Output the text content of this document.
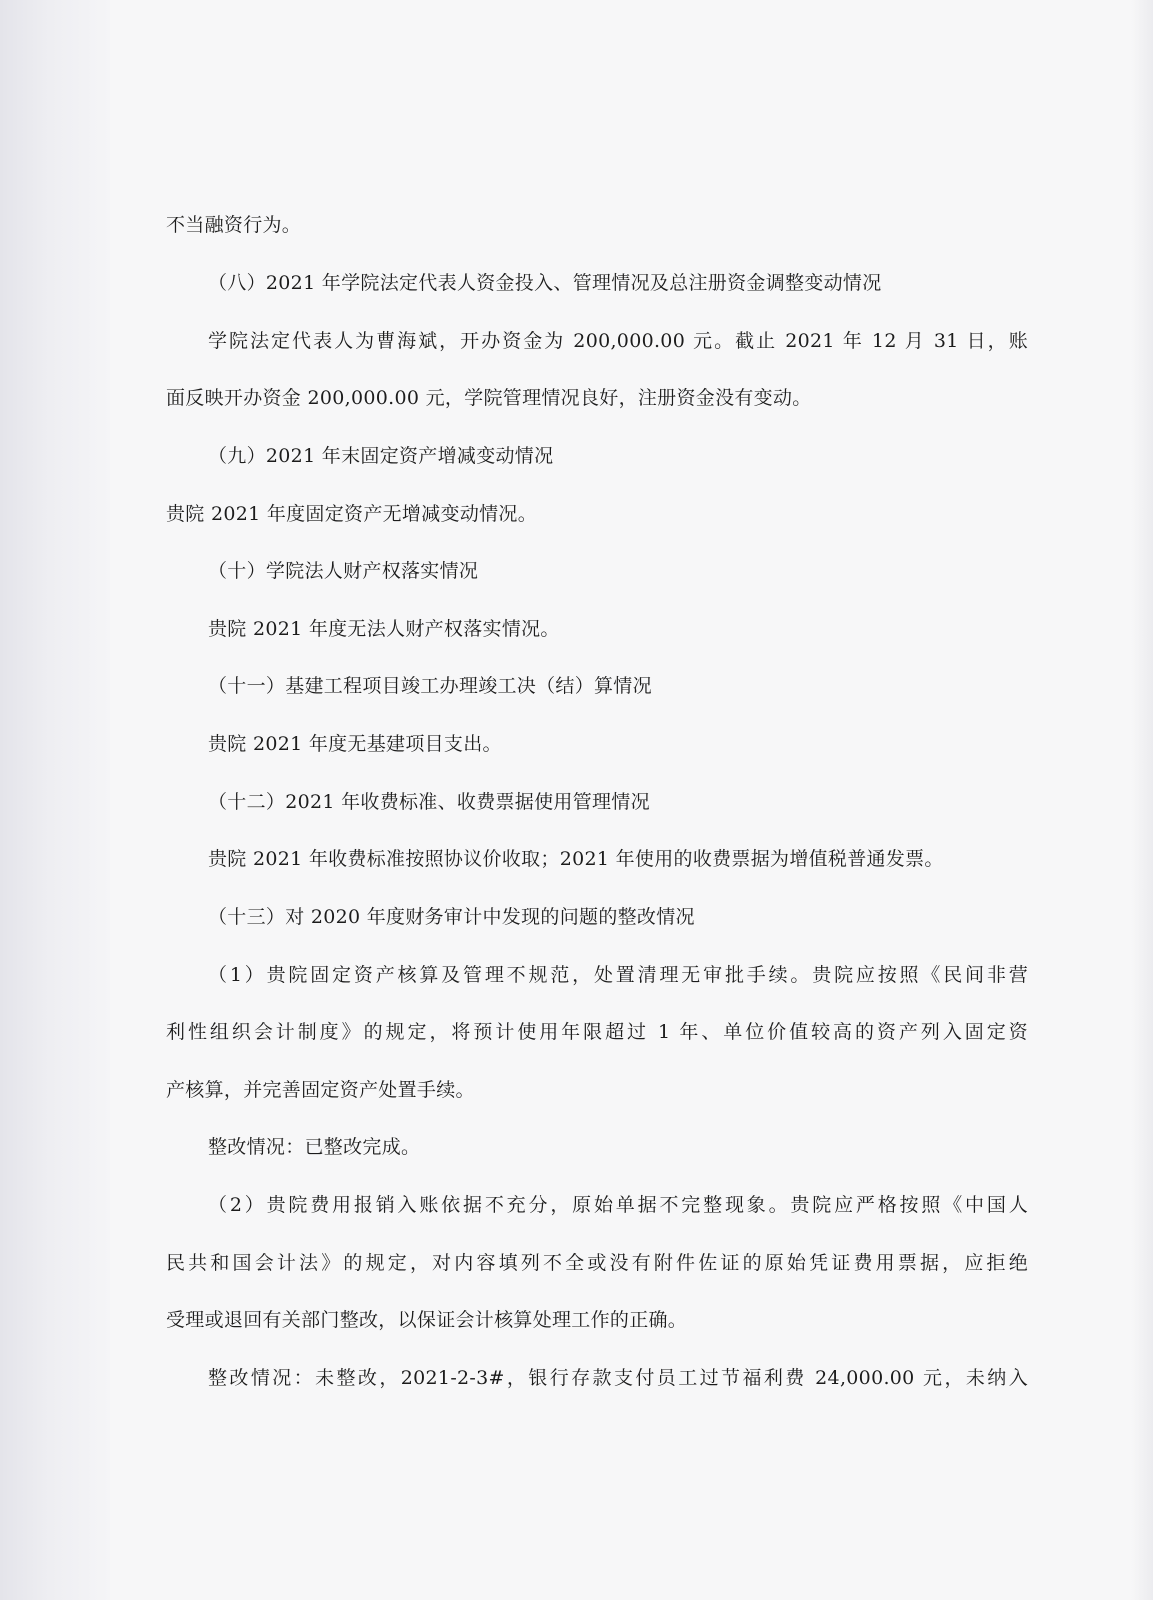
不当融资行为。
（八）2021 年学院法定代表人资金投入、管理情况及总注册资金调整变动情况
学院法定代表人为曹海斌，开办资金为 200,000.00 元。截止 2021 年 12 月 31 日，账
面反映开办资金 200,000.00 元，学院管理情况良好，注册资金没有变动。
（九）2021 年末固定资产增减变动情况
贵院 2021 年度固定资产无增减变动情况。
（十）学院法人财产权落实情况
贵院 2021 年度无法人财产权落实情况。
（十一）基建工程项目竣工办理竣工决（结）算情况
贵院 2021 年度无基建项目支出。
（十二）2021 年收费标准、收费票据使用管理情况
贵院 2021 年收费标准按照协议价收取；2021 年使用的收费票据为增值税普通发票。
（十三）对 2020 年度财务审计中发现的问题的整改情况
（1）贵院固定资产核算及管理不规范，处置清理无审批手续。贵院应按照《民间非营
利性组织会计制度》的规定，将预计使用年限超过 1 年、单位价值较高的资产列入固定资
产核算，并完善固定资产处置手续。
整改情况：已整改完成。
（2）贵院费用报销入账依据不充分，原始单据不完整现象。贵院应严格按照《中国人
民共和国会计法》的规定，对内容填列不全或没有附件佐证的原始凭证费用票据，应拒绝
受理或退回有关部门整改，以保证会计核算处理工作的正确。
整改情况：未整改，2021-2-3#，银行存款支付员工过节福利费 24,000.00 元，未纳入
